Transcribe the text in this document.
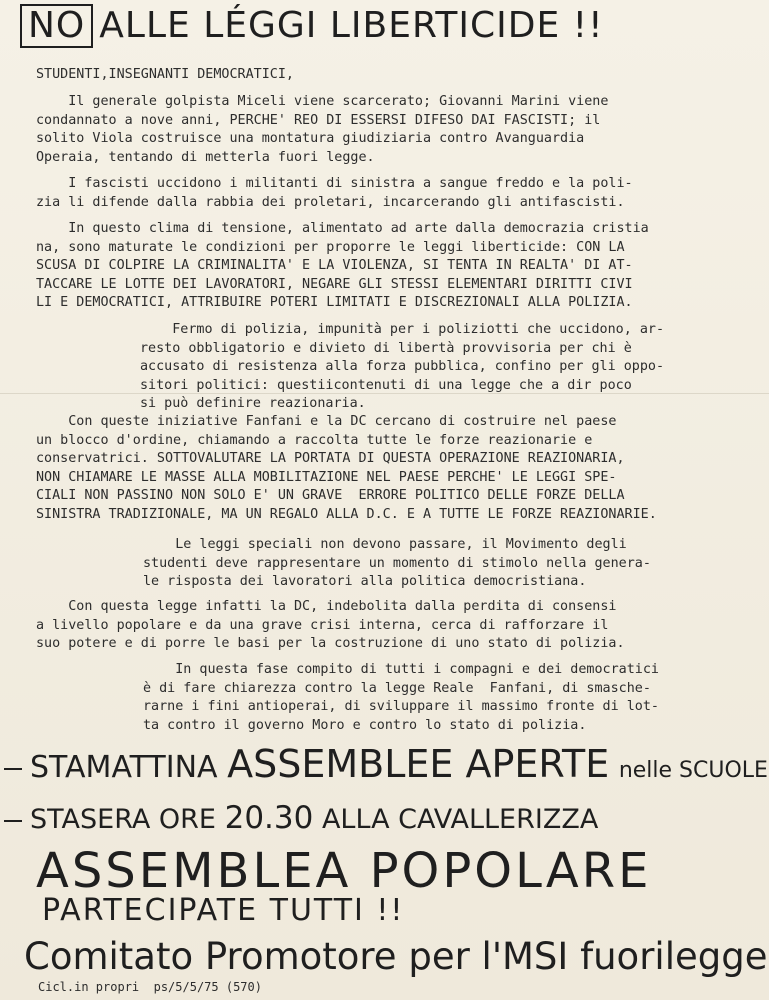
NO ALLE LÉGGI LIBERTICIDE !!
STUDENTI,INSEGNANTI DEMOCRATICI,
Il generale golpista Miceli viene scarcerato; Giovanni Marini viene
condannato a nove anni, PERCHE' REO DI ESSERSI DIFESO DAI FASCISTI; il
solito Viola costruisce una montatura giudiziaria contro Avanguardia
Operaia, tentando di metterla fuori legge.
I fascisti uccidono i militanti di sinistra a sangue freddo e la poli-
zia li difende dalla rabbia dei proletari, incarcerando gli antifascisti.
In questo clima di tensione, alimentato ad arte dalla democrazia cristia
na, sono maturate le condizioni per proporre le leggi liberticide: CON LA
SCUSA DI COLPIRE LA CRIMINALITA' E LA VIOLENZA, SI TENTA IN REALTA' DI AT-
TACCARE LE LOTTE DEI LAVORATORI, NEGARE GLI STESSI ELEMENTARI DIRITTI CIVI
LI E DEMOCRATICI, ATTRIBUIRE POTERI LIMITATI E DISCREZIONALI ALLA POLIZIA.
Fermo di polizia, impunità per i poliziotti che uccidono, ar-
resto obbligatorio e divieto di libertà provvisoria per chi è
accusato di resistenza alla forza pubblica, confino per gli oppo-
sitori politici: questiicontenuti di una legge che a dir poco
si può definire reazionaria.
Con queste iniziative Fanfani e la DC cercano di costruire nel paese
un blocco d'ordine, chiamando a raccolta tutte le forze reazionarie e
conservatrici. SOTTOVALUTARE LA PORTATA DI QUESTA OPERAZIONE REAZIONARIA,
NON CHIAMARE LE MASSE ALLA MOBILITAZIONE NEL PAESE PERCHE' LE LEGGI SPE-
CIALI NON PASSINO NON SOLO E' UN GRAVE  ERRORE POLITICO DELLE FORZE DELLA
SINISTRA TRADIZIONALE, MA UN REGALO ALLA D.C. E A TUTTE LE FORZE REAZIONARIE.
Le leggi speciali non devono passare, il Movimento degli
studenti deve rappresentare un momento di stimolo nella genera-
le risposta dei lavoratori alla politica democristiana.
Con questa legge infatti la DC, indebolita dalla perdita di consensi
a livello popolare e da una grave crisi interna, cerca di rafforzare il
suo potere e di porre le basi per la costruzione di uno stato di polizia.
In questa fase compito di tutti i compagni e dei democratici
è di fare chiarezza contro la legge Reale  Fanfani, di smasche-
rarne i fini antioperai, di sviluppare il massimo fronte di lot-
ta contro il governo Moro e contro lo stato di polizia.
STAMATTINA ASSEMBLEE APERTE nelle SCUOLE
STASERA ORE 20.30 ALLA CAVALLERIZZA
ASSEMBLEA POPOLARE
PARTECIPATE TUTTI !!
Comitato Promotore per l'MSI fuorilegge
Cicl.in propri  ps/5/5/75 (570)
